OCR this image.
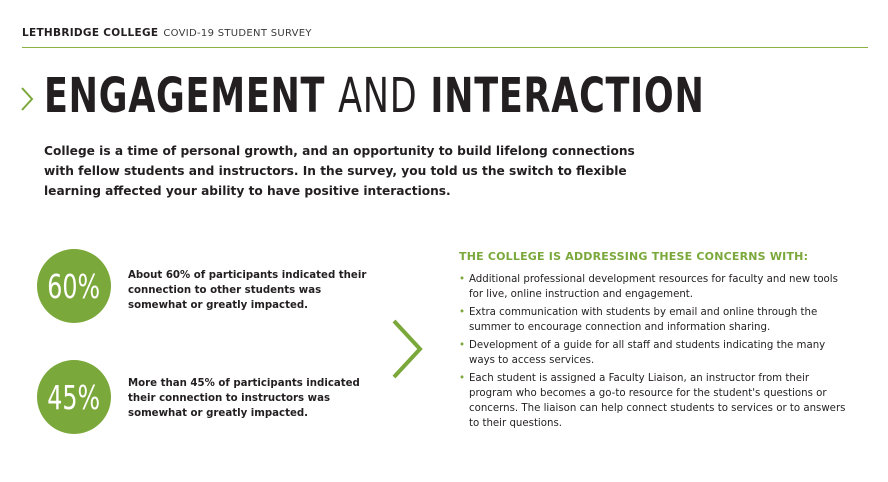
LETHBRIDGE COLLEGE COVID-19 STUDENT SURVEY
ENGAGEMENT AND INTERACTION

College is a time of personal growth, and an opportunity to build lifelong connections with fellow students and instructors. In the survey, you told us the switch to flexible learning affected your ability to have positive interactions.

60%	About 60% of participants indicated their connection to other students was somewhat or greatly impacted.

45%	More than 45% of participants indicated their connection to instructors was somewhat or greatly impacted.

THE COLLEGE IS ADDRESSING THESE CONCERNS WITH:
• Additional professional development resources for faculty and new tools for live, online instruction and engagement.
• Extra communication with students by email and online through the summer to encourage connection and information sharing.
• Development of a guide for all staff and students indicating the many ways to access services.
• Each student is assigned a Faculty Liaison, an instructor from their program who becomes a go-to resource for the student's questions or concerns. The liaison can help connect students to services or to answers to their questions.
